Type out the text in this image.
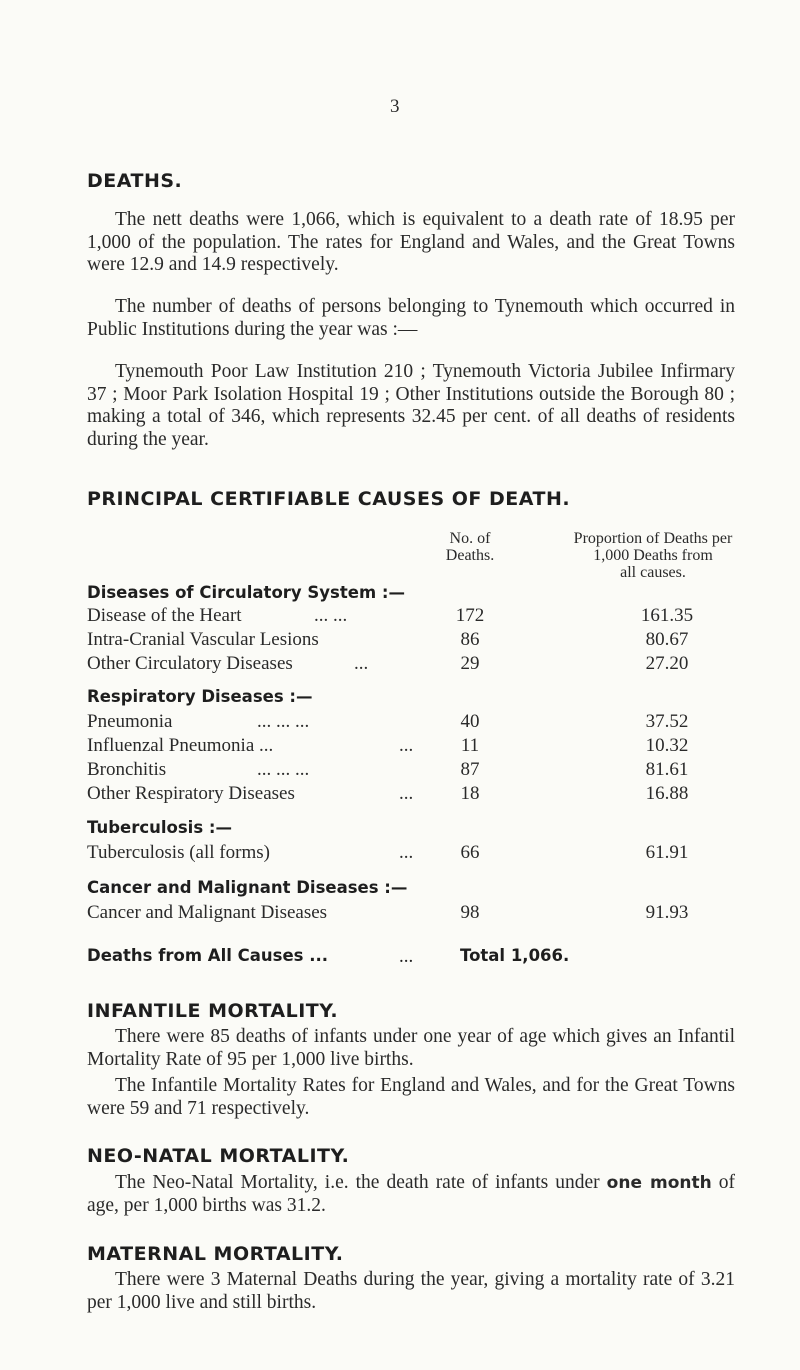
3
DEATHS.
The nett deaths were 1,066, which is equivalent to a death rate of 18.95 per 1,000 of the population. The rates for England and Wales, and the Great Towns were 12.9 and 14.9 respectively.
The number of deaths of persons belonging to Tynemouth which occurred in Public Institutions during the year was :—
Tynemouth Poor Law Institution 210 ; Tynemouth Victoria Jubilee Infirmary 37 ; Moor Park Isolation Hospital 19 ; Other Institutions outside the Borough 80 ; making a total of 346, which represents 32.45 per cent. of all deaths of residents during the year.
PRINCIPAL CERTIFIABLE CAUSES OF DEATH.
No. of
Deaths.
Proportion of Deaths per
1,000 Deaths from
all causes.
Diseases of Circulatory System :—
Disease of the Heart	... ...	172	161.35
Intra-Cranial Vascular Lesions	86	80.67
Other Circulatory Diseases	...	29	27.20
Respiratory Diseases :—
Pneumonia	... ... ...	40	37.52
Influenzal Pneumonia ...	...	11	10.32
Bronchitis	... ... ...	87	81.61
Other Respiratory Diseases	...	18	16.88
Tuberculosis :—
Tuberculosis (all forms)	...	66	61.91
Cancer and Malignant Diseases :—
Cancer and Malignant Diseases	98	91.93
Deaths from All Causes ...	...	Total 1,066.
INFANTILE MORTALITY.
There were 85 deaths of infants under one year of age which gives an Infantil Mortality Rate of 95 per 1,000 live births.
The Infantile Mortality Rates for England and Wales, and for the Great Towns were 59 and 71 respectively.
NEO-NATAL MORTALITY.
The Neo-Natal Mortality, i.e. the death rate of infants under one month of age, per 1,000 births was 31.2.
MATERNAL MORTALITY.
There were 3 Maternal Deaths during the year, giving a mortality rate of 3.21 per 1,000 live and still births.
